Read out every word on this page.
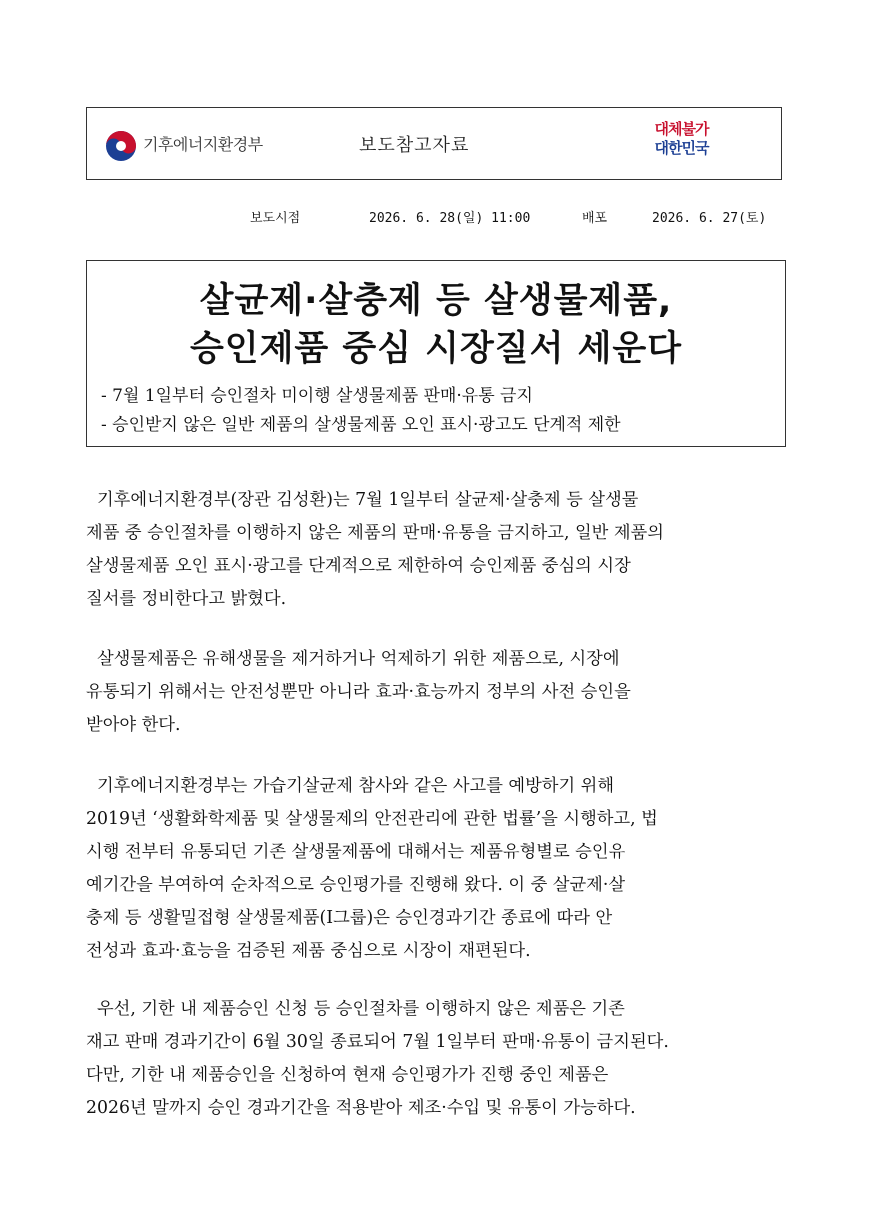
기후에너지환경부	보도참고자료
대체불가
대한민국
보도시점	2026. 6. 28(일) 11:00	배포	2026. 6. 27(토)
살균제·살충제 등 살생물제품,
승인제품 중심 시장질서 세운다
- 7월 1일부터 승인절차 미이행 살생물제품 판매·유통 금지
- 승인받지 않은 일반 제품의 살생물제품 오인 표시·광고도 단계적 제한
기후에너지환경부(장관 김성환)는 7월 1일부터 살균제·살충제 등 살생물
제품 중 승인절차를 이행하지 않은 제품의 판매·유통을 금지하고, 일반 제품의
살생물제품 오인 표시·광고를 단계적으로 제한하여 승인제품 중심의 시장
질서를 정비한다고 밝혔다.
살생물제품은 유해생물을 제거하거나 억제하기 위한 제품으로, 시장에
유통되기 위해서는 안전성뿐만 아니라 효과·효능까지 정부의 사전 승인을
받아야 한다.
기후에너지환경부는 가습기살균제 참사와 같은 사고를 예방하기 위해
2019년 ‘생활화학제품 및 살생물제의 안전관리에 관한 법률’을 시행하고, 법
시행 전부터 유통되던 기존 살생물제품에 대해서는 제품유형별로 승인유
예기간을 부여하여 순차적으로 승인평가를 진행해 왔다. 이 중 살균제·살
충제 등 생활밀접형 살생물제품(Ⅰ그룹)은 승인경과기간 종료에 따라 안
전성과 효과·효능을 검증된 제품 중심으로 시장이 재편된다.
우선, 기한 내 제품승인 신청 등 승인절차를 이행하지 않은 제품은 기존
재고 판매 경과기간이 6월 30일 종료되어 7월 1일부터 판매·유통이 금지된다.
다만, 기한 내 제품승인을 신청하여 현재 승인평가가 진행 중인 제품은
2026년 말까지 승인 경과기간을 적용받아 제조·수입 및 유통이 가능하다.
